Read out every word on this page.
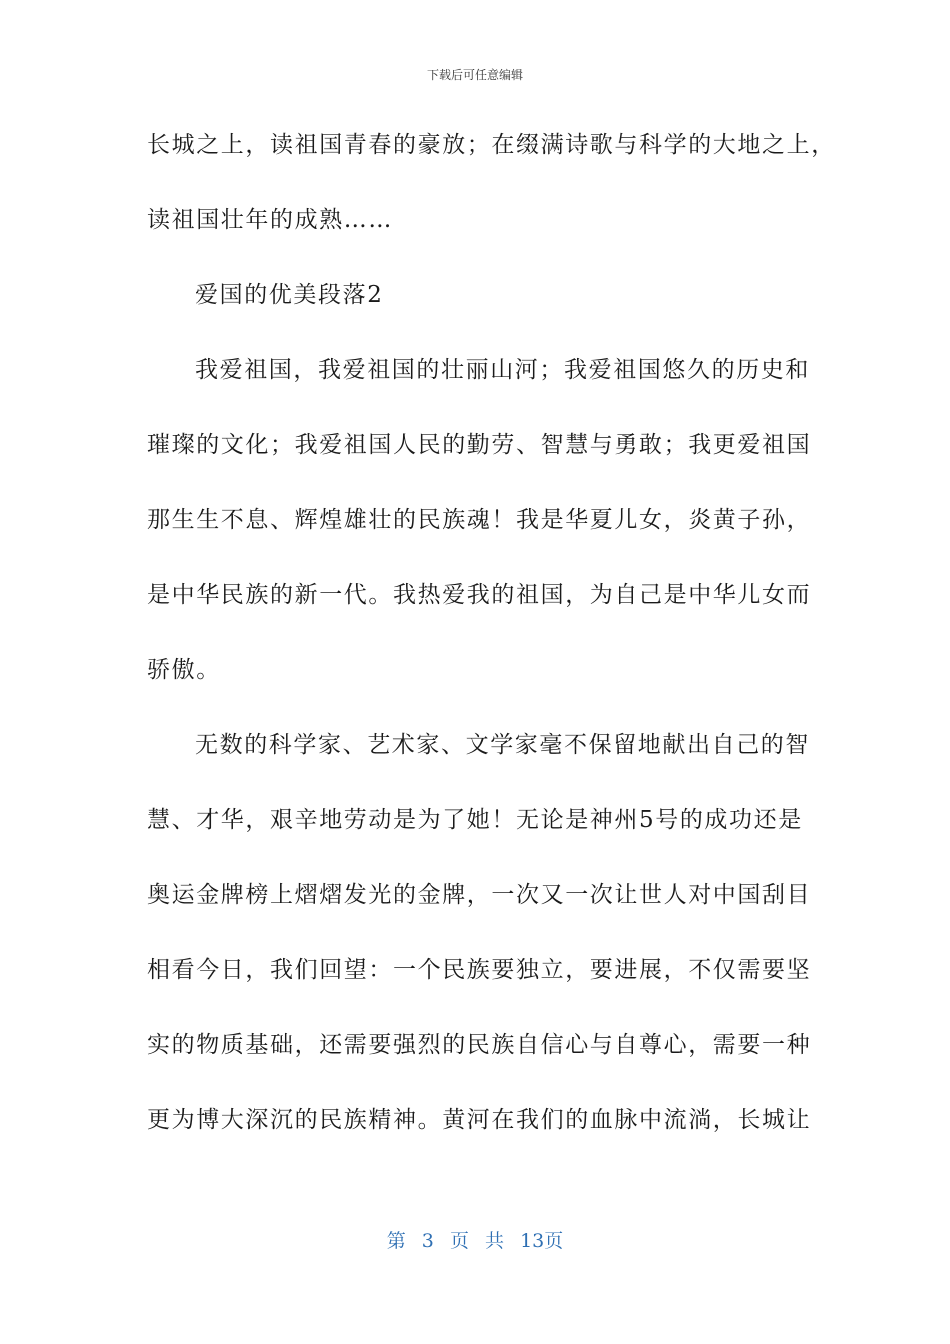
下载后可任意编辑
长城之上，读祖国青春的豪放；在缀满诗歌与科学的大地之上，
读祖国壮年的成熟……
爱国的优美段落2
我爱祖国，我爱祖国的壮丽山河；我爱祖国悠久的历史和
璀璨的文化；我爱祖国人民的勤劳、智慧与勇敢；我更爱祖国
那生生不息、辉煌雄壮的民族魂！我是华夏儿女，炎黄子孙，
是中华民族的新一代。我热爱我的祖国，为自己是中华儿女而
骄傲。
无数的科学家、艺术家、文学家毫不保留地献出自己的智
慧、才华，艰辛地劳动是为了她！无论是神州5号的成功还是
奥运金牌榜上熠熠发光的金牌，一次又一次让世人对中国刮目
相看今日，我们回望：一个民族要独立，要进展，不仅需要坚
实的物质基础，还需要强烈的民族自信心与自尊心，需要一种
更为博大深沉的民族精神。黄河在我们的血脉中流淌，长城让
第 3 页 共 13页
